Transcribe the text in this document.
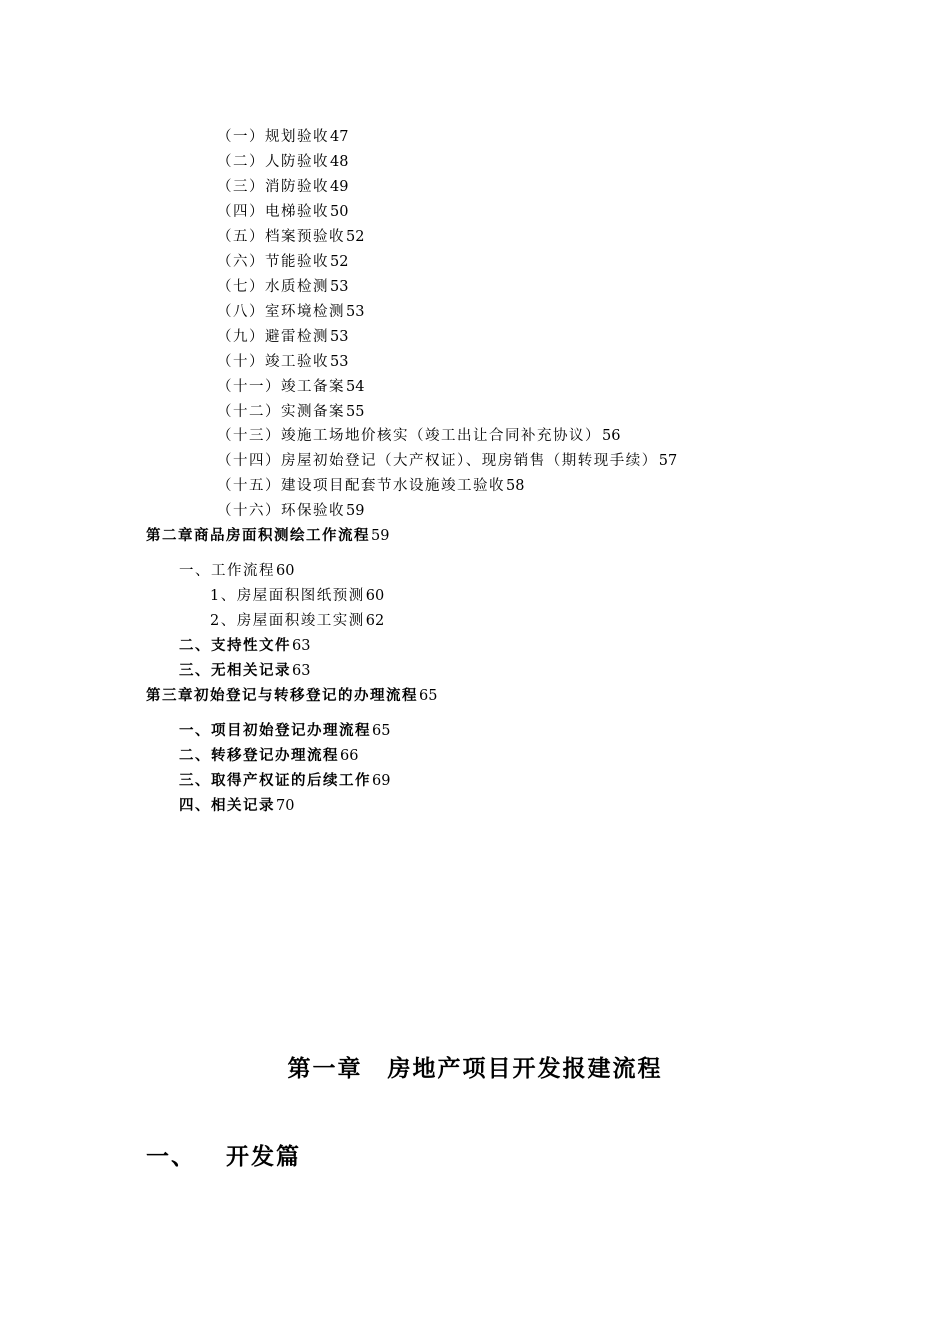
（一）规划验收47
（二）人防验收48
（三）消防验收49
（四）电梯验收50
（五）档案预验收52
（六）节能验收52
（七）水质检测53
（八）室环境检测53
（九）避雷检测53
（十）竣工验收53
（十一）竣工备案54
（十二）实测备案55
（十三）竣施工场地价核实（竣工出让合同补充协议）56
（十四）房屋初始登记（大产权证）、现房销售（期转现手续）57
（十五）建设项目配套节水设施竣工验收58
（十六）环保验收59
第二章商品房面积测绘工作流程59
一、工作流程60
1、房屋面积图纸预测60
2、房屋面积竣工实测62
二、支持性文件63
三、无相关记录63
第三章初始登记与转移登记的办理流程65
一、项目初始登记办理流程65
二、转移登记办理流程66
三、取得产权证的后续工作69
四、相关记录70
第一章　房地产项目开发报建流程
一、 开发篇
